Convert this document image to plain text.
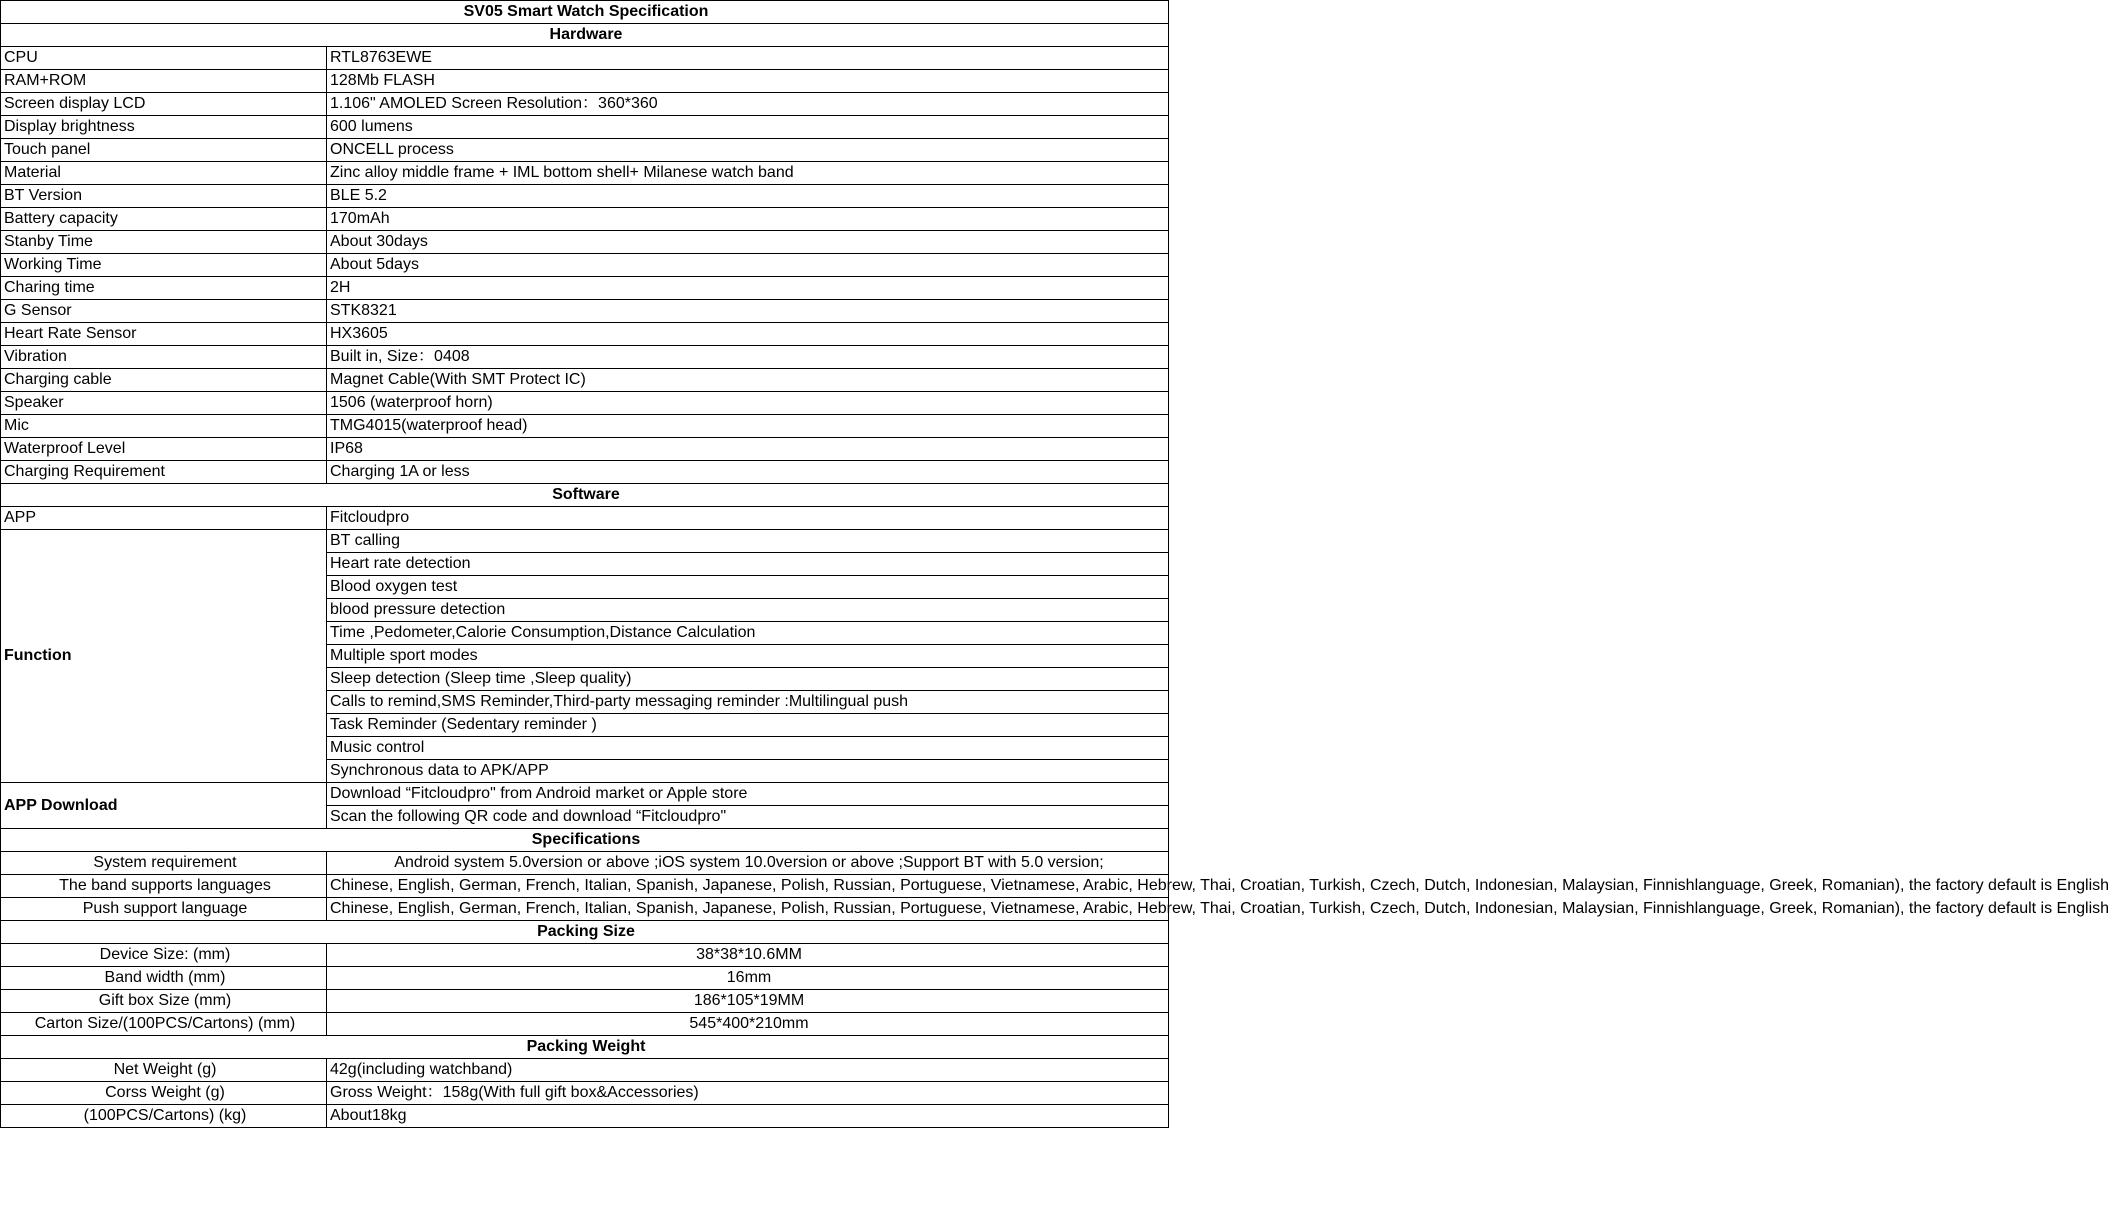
SV05 Smart Watch Specification	
Hardware	
CPU	RTL8763EWE
RAM+ROM	128Mb FLASH
Screen display LCD	1.106" AMOLED Screen Resolution：360*360
Display brightness	600 lumens
Touch panel	ONCELL process
Material	Zinc alloy middle frame + IML bottom shell+ Milanese watch band
BT Version	BLE 5.2
Battery capacity	170mAh
Stanby Time	About 30days
Working Time	About 5days
Charing time	2H
G Sensor	STK8321
Heart Rate Sensor	HX3605
Vibration	Built in, Size：0408
Charging cable	Magnet Cable(With SMT Protect IC)
Speaker	1506 (waterproof horn)
Mic	TMG4015(waterproof head)
Waterproof Level	IP68
Charging Requirement	Charging 1A or less
Software	
APP	Fitcloudpro
Function	BT calling
	Heart rate detection
	Blood oxygen test
	blood pressure detection
	Time ,Pedometer,Calorie Consumption,Distance Calculation
	Multiple sport modes
	Sleep detection (Sleep time ,Sleep quality)
	Calls to remind,SMS Reminder,Third-party messaging reminder :Multilingual push
	Task Reminder (Sedentary reminder )
	Music control
	Synchronous data to APK/APP
APP Download	Download “Fitcloudpro" from Android market or Apple store
	Scan the following QR code and download “Fitcloudpro"
Specifications	
System requirement	Android system 5.0version or above ;iOS system 10.0version or above ;Support BT with 5.0 version;
The band supports languages	Chinese, English, German, French, Italian, Spanish, Japanese, Polish, Russian, Portuguese, Vietnamese, Arabic, Hebrew, Thai, Croatian, Turkish, Czech, Dutch, Indonesian, Malaysian, Finnishlanguage, Greek, Romanian), the factory default is English
Push support language	Chinese, English, German, French, Italian, Spanish, Japanese, Polish, Russian, Portuguese, Vietnamese, Arabic, Hebrew, Thai, Croatian, Turkish, Czech, Dutch, Indonesian, Malaysian, Finnishlanguage, Greek, Romanian), the factory default is English
Packing Size	
Device Size: (mm)	38*38*10.6MM
Band width (mm)	16mm
Gift box Size (mm)	186*105*19MM
Carton Size/(100PCS/Cartons) (mm)	545*400*210mm
Packing Weight	
Net Weight (g)	42g(including watchband)
Corss Weight (g)	Gross Weight：158g(With full gift box&Accessories)
(100PCS/Cartons) (kg)	About18kg
